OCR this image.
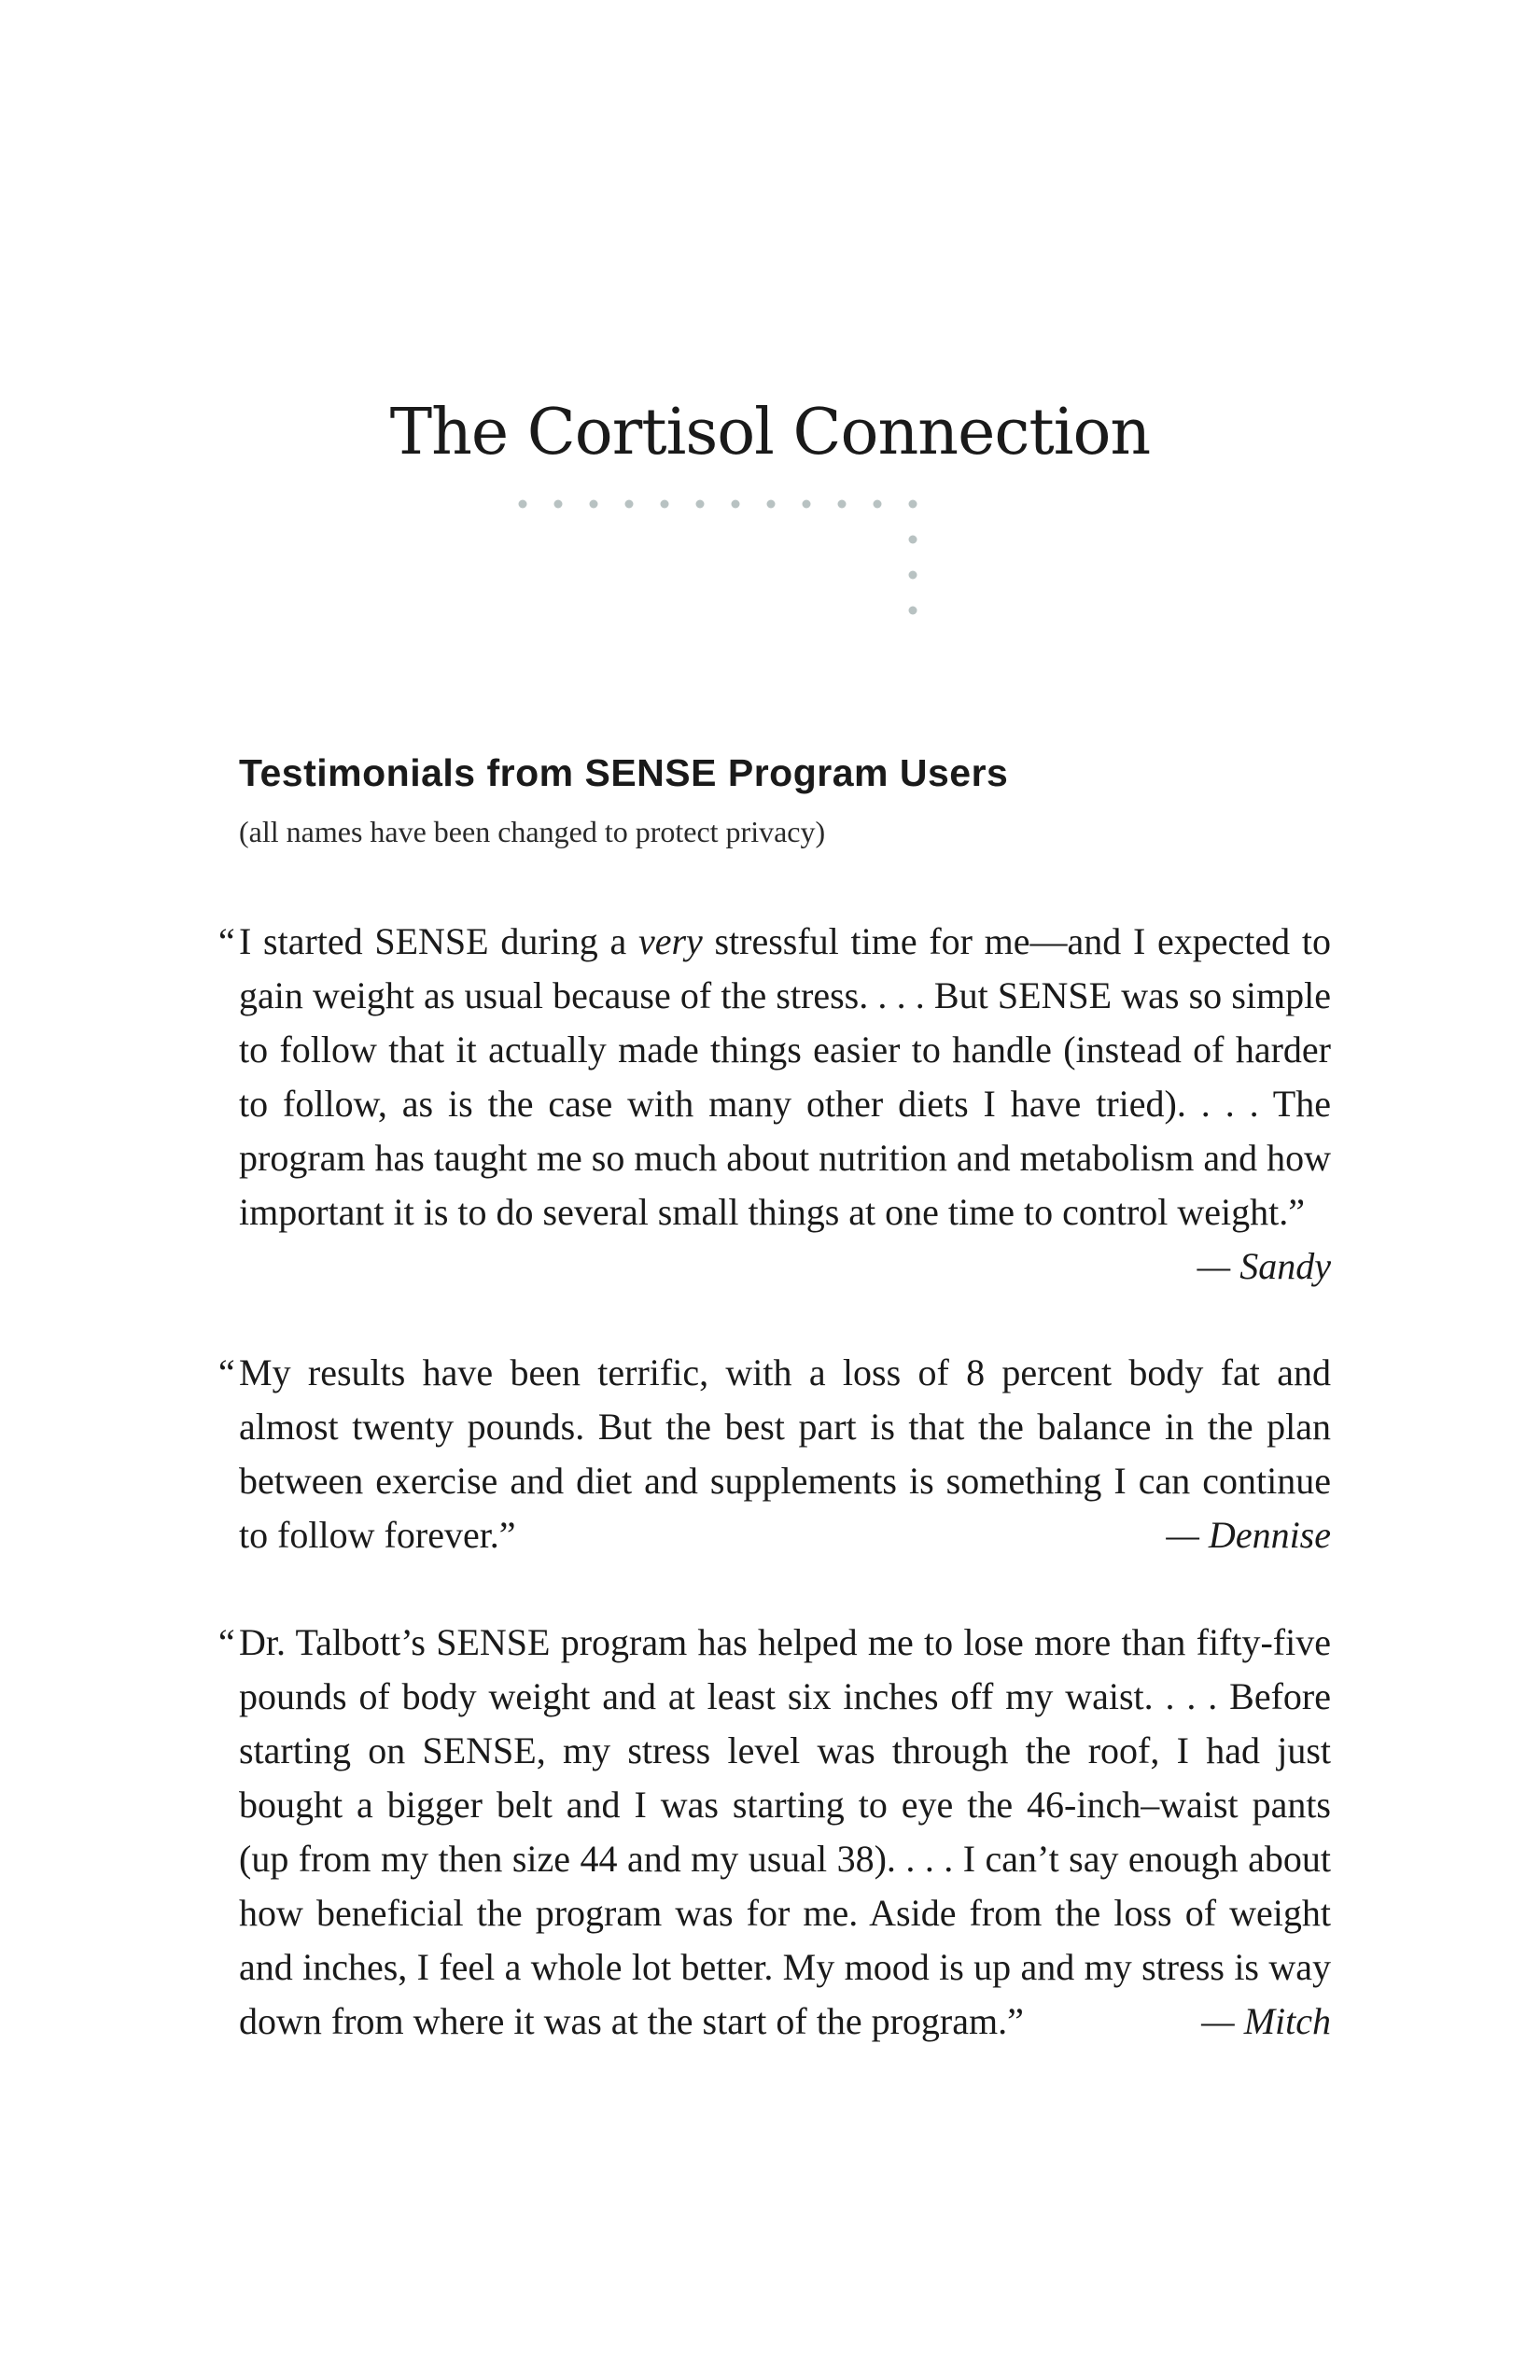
The Cortisol Connection
Testimonials from SENSE Program Users

(all names have been changed to protect privacy)

“ I started SENSE during a very stressful time for me—and I expected to gain weight as usual because of the stress. . . . But SENSE was so simple to follow that it actually made things easier to handle (instead of harder to follow, as is the case with many other diets I have tried). . . . The program has taught me so much about nutrition and metabolism and how important it is to do several small things at one time to control weight.”
— Sandy
“ My results have been terrific, with a loss of 8 percent body fat and almost twenty pounds. But the best part is that the balance in the plan between exercise and diet and supplements is something I can continue to follow forever.”	— Dennise
“ Dr. Talbott’s SENSE program has helped me to lose more than fifty-five pounds of body weight and at least six inches off my waist. . . . Before starting on SENSE, my stress level was through the roof, I had just bought a bigger belt and I was starting to eye the 46-inch–waist pants (up from my then size 44 and my usual 38). . . . I can’t say enough about how beneficial the program was for me. Aside from the loss of weight and inches, I feel a whole lot better. My mood is up and my stress is way down from where it was at the start of the program.”	— Mitch
